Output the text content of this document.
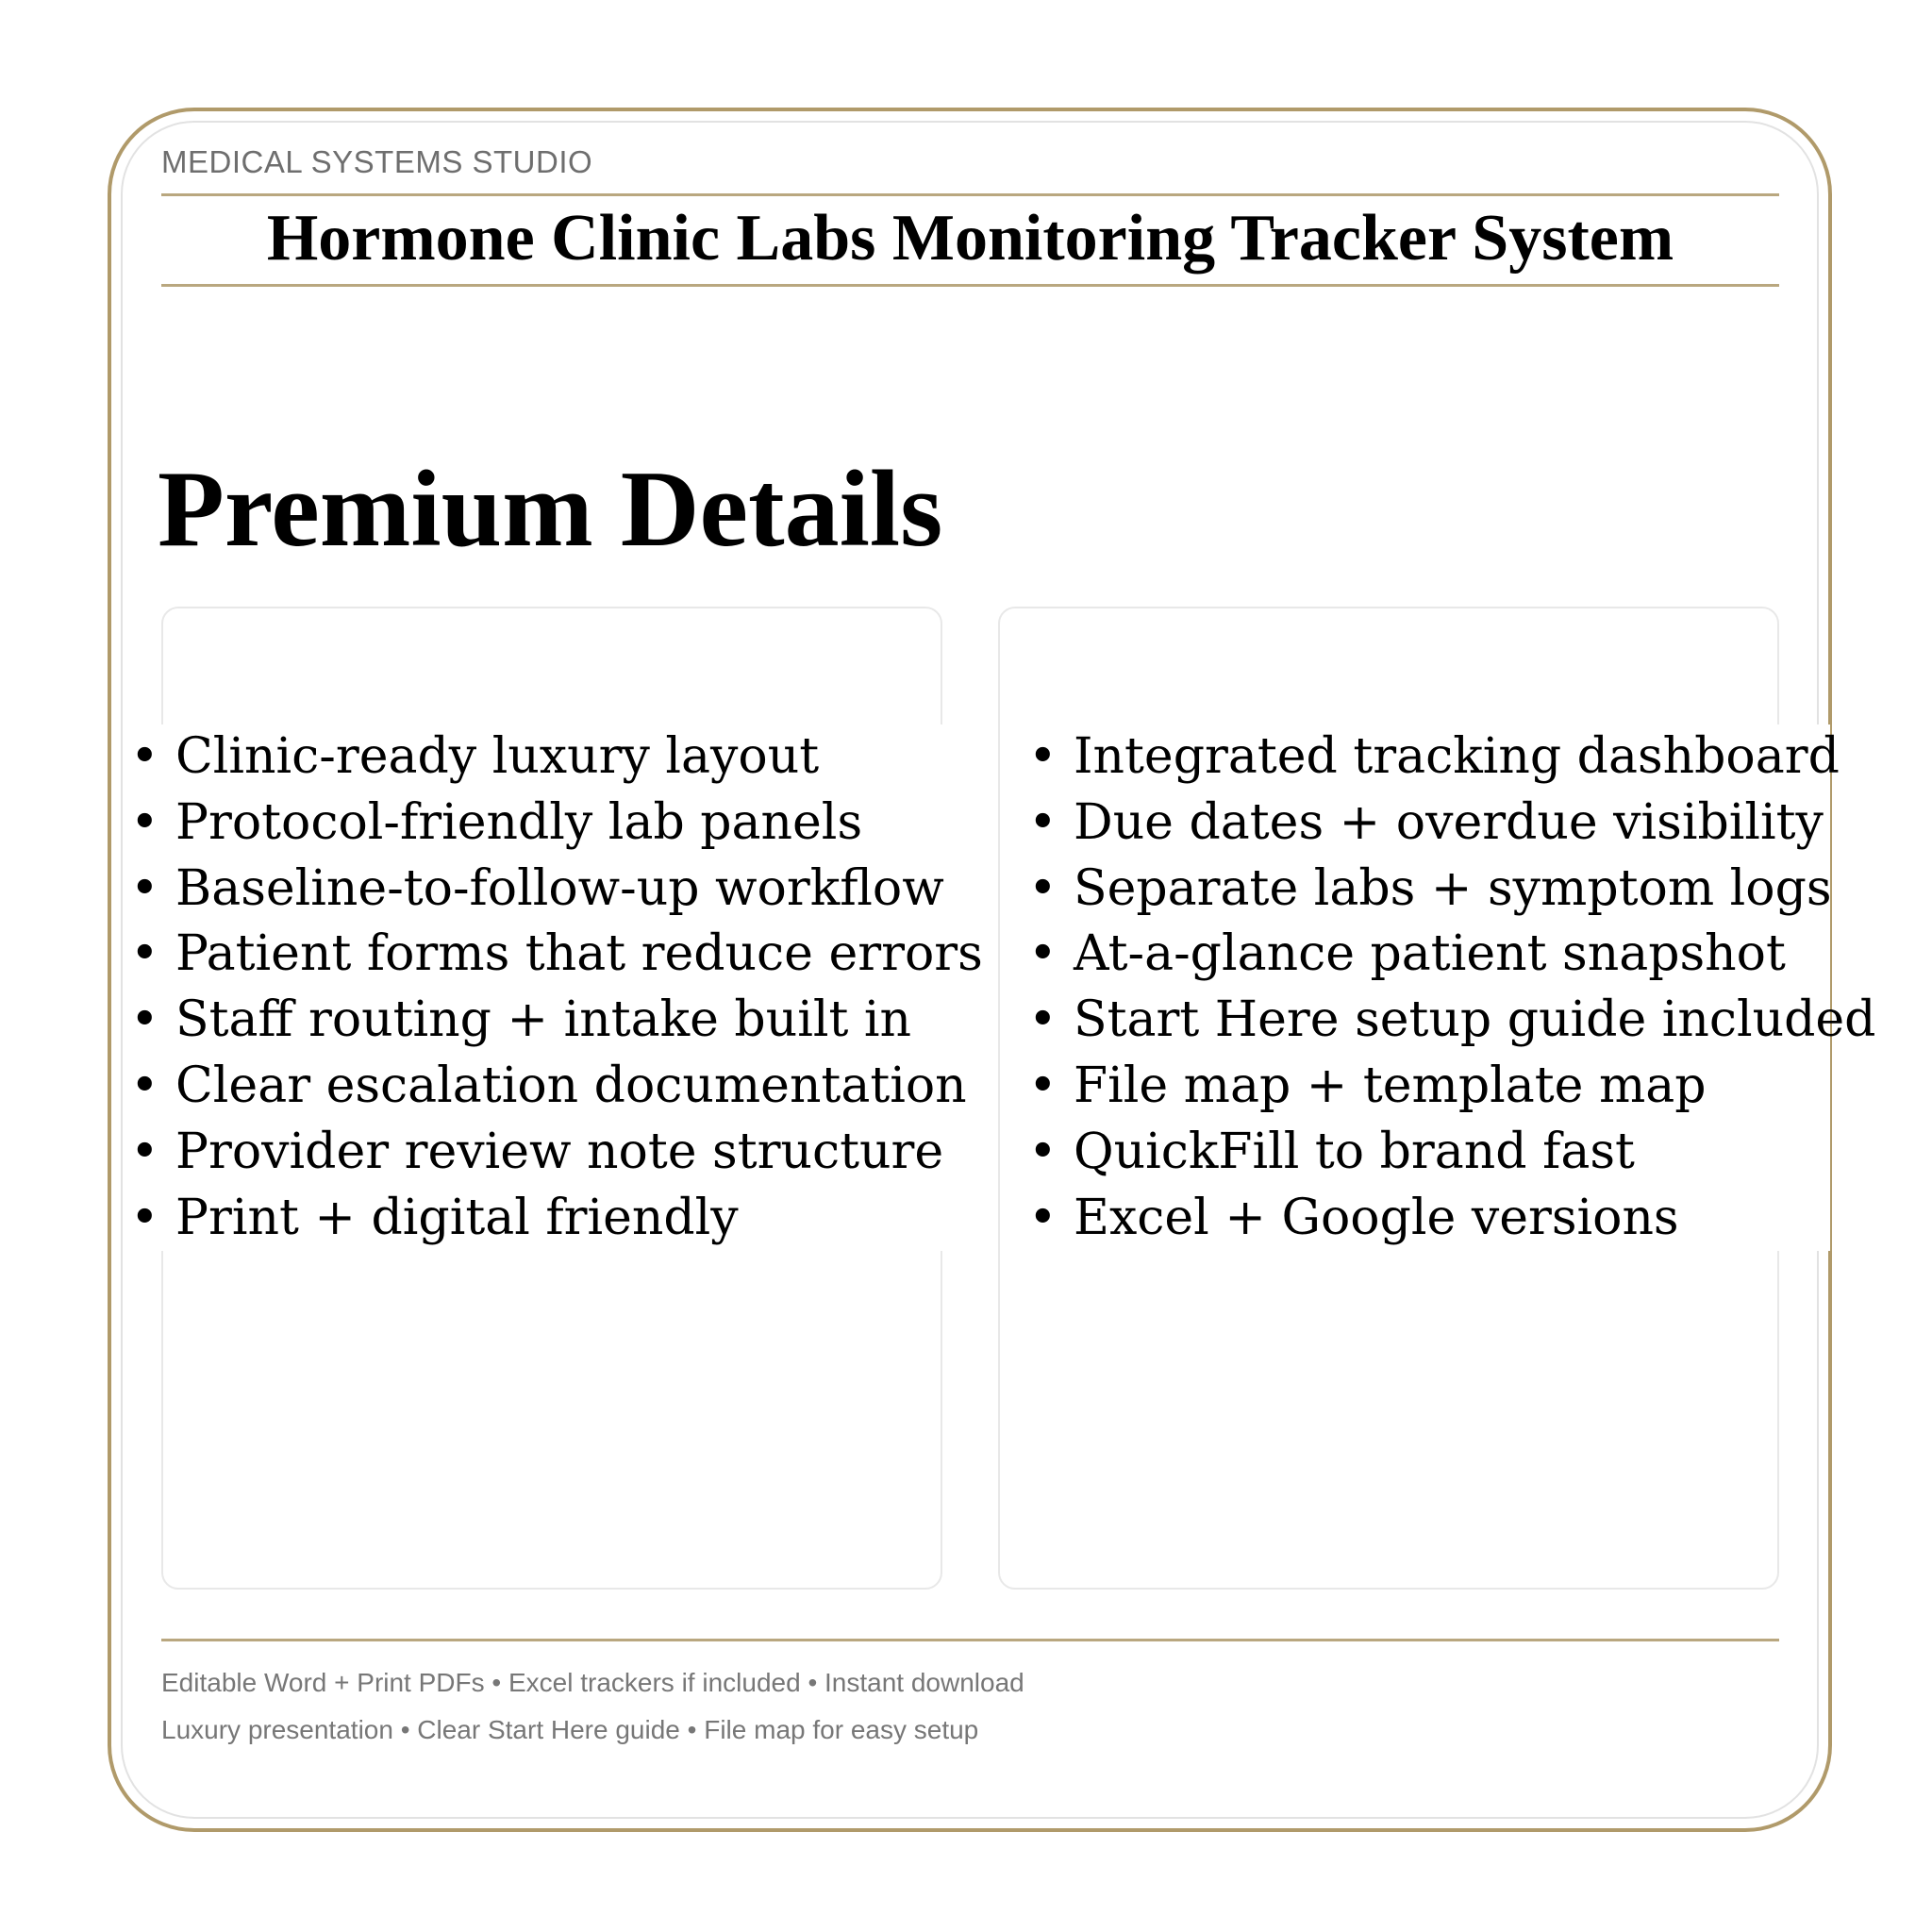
MEDICAL SYSTEMS STUDIO
Hormone Clinic Labs Monitoring Tracker System
Premium Details
• Clinic-ready luxury layout
• Protocol-friendly lab panels
• Baseline-to-follow-up workflow
• Patient forms that reduce errors
• Staff routing + intake built in
• Clear escalation documentation
• Provider review note structure
• Print + digital friendly
• Integrated tracking dashboard
• Due dates + overdue visibility
• Separate labs + symptom logs
• At-a-glance patient snapshot
• Start Here setup guide included
• File map + template map
• QuickFill to brand fast
• Excel + Google versions
Editable Word + Print PDFs • Excel trackers if included • Instant download
Luxury presentation • Clear Start Here guide • File map for easy setup
